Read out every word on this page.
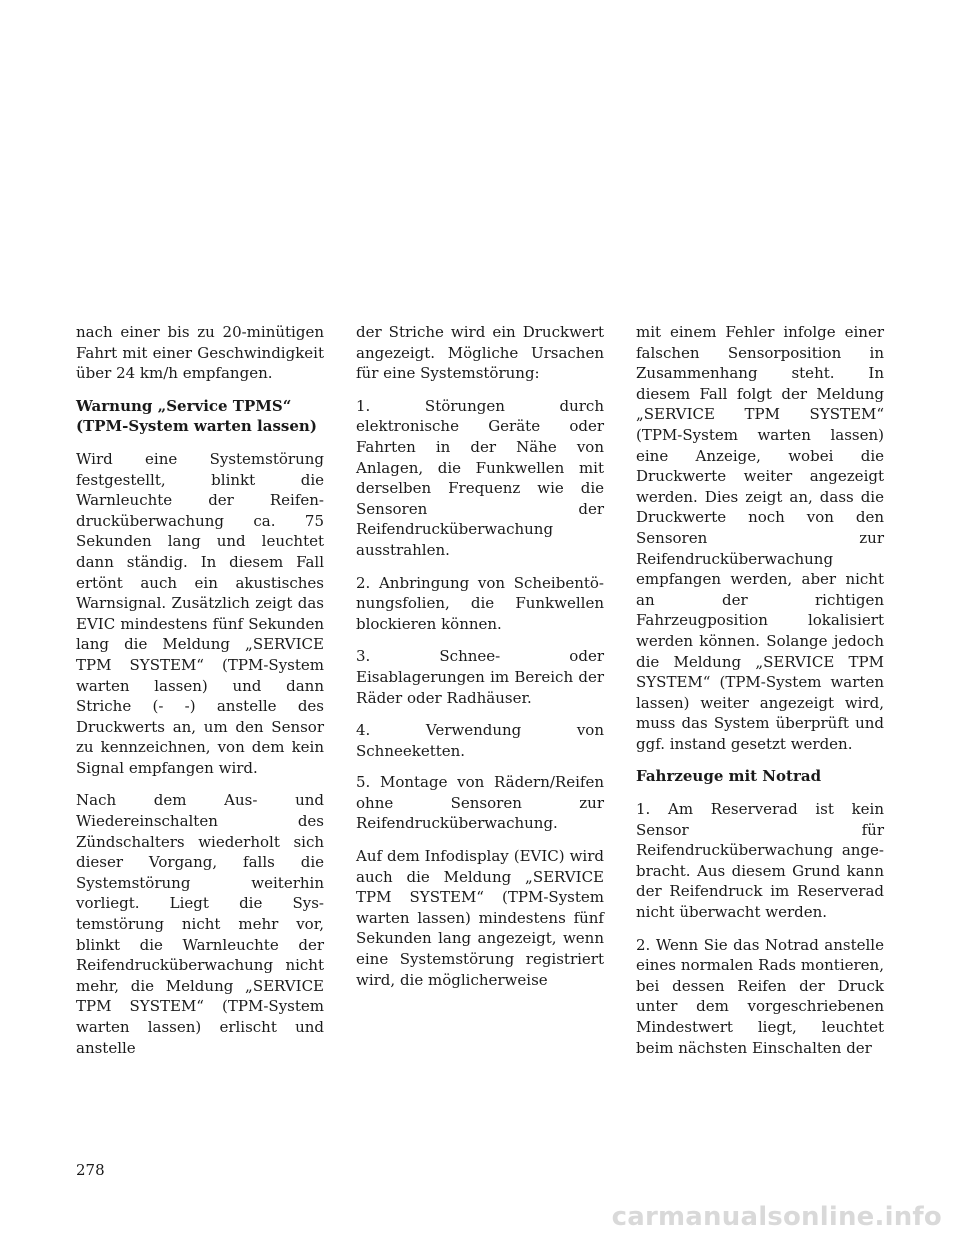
nach einer bis zu 20-minütigen Fahrt mit einer Geschwindigkeit über 24 km/h empfangen.

Warnung „Service TPMS“ (TPM-System warten lassen)

Wird eine Systemstörung festgestellt, blinkt die Warnleuchte der Reifendrucküberwachung ca. 75 Sekunden lang und leuchtet dann ständig. In diesem Fall ertönt auch ein akustisches Warnsignal. Zusätzlich zeigt das EVIC mindestens fünf Sekunden lang die Meldung „SERVICE TPM SYSTEM“ (TPM-System warten lassen) und dann Striche (- -) anstelle des Druckwerts an, um den Sensor zu kennzeichnen, von dem kein Signal empfangen wird.

Nach dem Aus- und Wiedereinschalten des Zündschalters wiederholt sich dieser Vorgang, falls die Systemstörung weiterhin vorliegt. Liegt die Systemstörung nicht mehr vor, blinkt die Warnleuchte der Reifendrucküberwachung nicht mehr, die Meldung „SERVICE TPM SYSTEM“ (TPM-System warten lassen) erlischt und anstelle

der Striche wird ein Druckwert angezeigt. Mögliche Ursachen für eine Systemstörung:

1. Störungen durch elektronische Geräte oder Fahrten in der Nähe von Anlagen, die Funkwellen mit derselben Frequenz wie die Sensoren der Reifendrucküberwachung ausstrahlen.

2. Anbringung von Scheibentönungsfolien, die Funkwellen blockieren können.

3. Schnee- oder Eisablagerungen im Bereich der Räder oder Radhäuser.

4. Verwendung von Schneeketten.

5. Montage von Rädern/Reifen ohne Sensoren zur Reifendrucküberwachung.

Auf dem Infodisplay (EVIC) wird auch die Meldung „SERVICE TPM SYSTEM“ (TPM-System warten lassen) mindestens fünf Sekunden lang angezeigt, wenn eine Systemstörung registriert wird, die möglicherweise

mit einem Fehler infolge einer falschen Sensorposition in Zusammenhang steht. In diesem Fall folgt der Meldung „SERVICE TPM SYSTEM“ (TPM-System warten lassen) eine Anzeige, wobei die Druckwerte weiter angezeigt werden. Dies zeigt an, dass die Druckwerte noch von den Sensoren zur Reifendrucküberwachung empfangen werden, aber nicht an der richtigen Fahrzeugposition lokalisiert werden können. Solange jedoch die Meldung „SERVICE TPM SYSTEM“ (TPM-System warten lassen) weiter angezeigt wird, muss das System überprüft und ggf. instand gesetzt werden.

Fahrzeuge mit Notrad

1. Am Reserverad ist kein Sensor für Reifendrucküberwachung angebracht. Aus diesem Grund kann der Reifendruck im Reserverad nicht überwacht werden.

2. Wenn Sie das Notrad anstelle eines normalen Rads montieren, bei dessen Reifen der Druck unter dem vorgeschriebenen Mindestwert liegt, leuchtet beim nächsten Einschalten der

278
carmanualsonline.info
